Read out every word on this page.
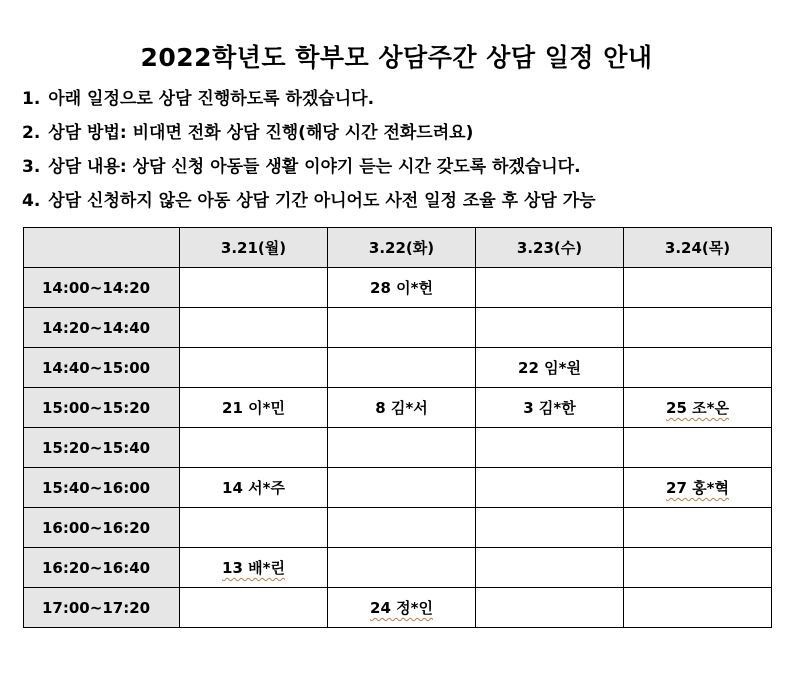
2022학년도 학부모 상담주간 상담 일정 안내
1. 아래 일정으로 상담 진행하도록 하겠습니다.
2. 상담 방법: 비대면 전화 상담 진행(해당 시간 전화드려요)
3. 상담 내용: 상담 신청 아동들 생활 이야기 듣는 시간 갖도록 하겠습니다.
4. 상담 신청하지 않은 아동 상담 기간 아니어도 사전 일정 조율 후 상담 가능
	3.21(월)	3.22(화)	3.23(수)	3.24(목)
14:00~14:20		28 이*헌		
14:20~14:40				
14:40~15:00			22 임*원	
15:00~15:20	21 이*민	8 김*서	3 김*한	25 조*온
15:20~15:40				
15:40~16:00	14 서*주			27 홍*혁
16:00~16:20				
16:20~16:40	13 배*린			
17:00~17:20		24 정*인		
